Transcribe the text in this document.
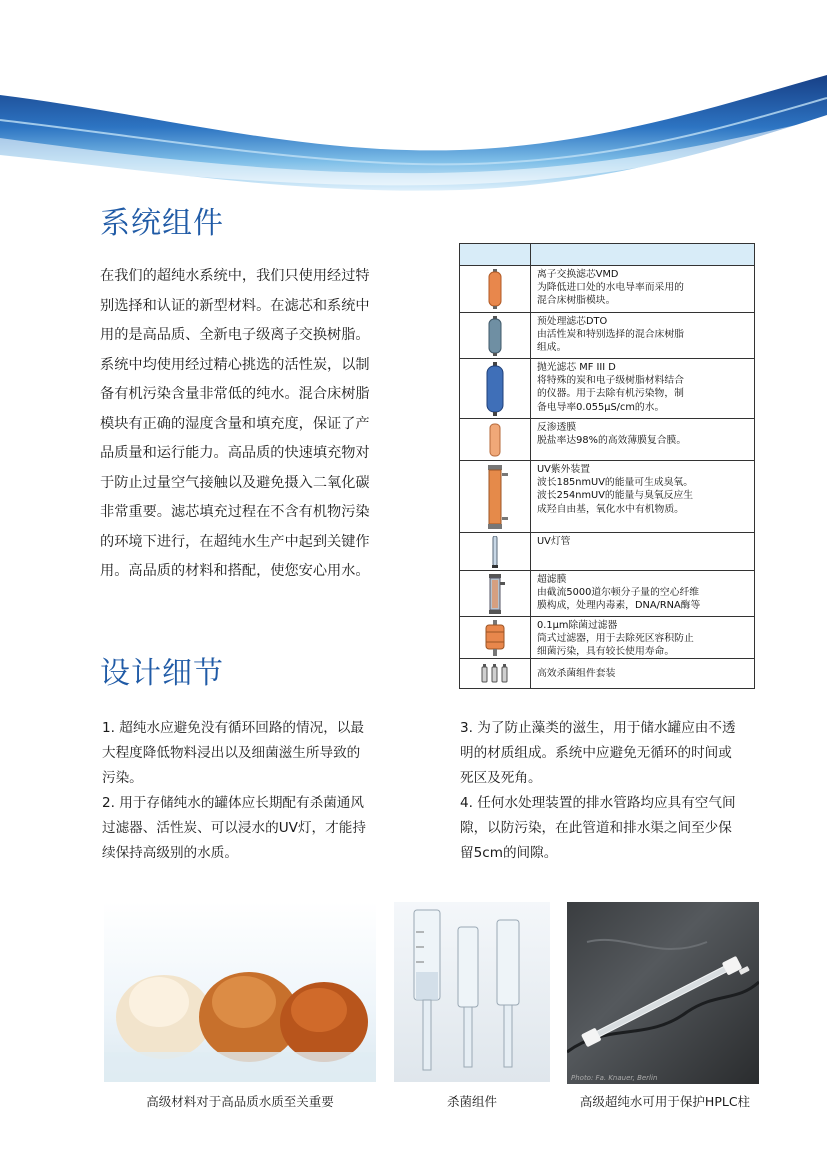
系统组件

在我们的超纯水系统中，我们只使用经过特

别选择和认证的新型材料。在滤芯和系统中

用的是高品质、全新电子级离子交换树脂。

系统中均使用经过精心挑选的活性炭，以制

备有机污染含量非常低的纯水。混合床树脂

模块有正确的湿度含量和填充度，保证了产

品质量和运行能力。高品质的快速填充物对

于防止过量空气接触以及避免摄入二氧化碳

非常重要。滤芯填充过程在不含有机物污染

的环境下进行，在超纯水生产中起到关键作

用。高品质的材料和搭配，使您安心用水。

离子交换滤芯VMD
为降低进口处的水电导率而采用的
混合床树脂模块。
预处理滤芯DTO
由活性炭和特别选择的混合床树脂
组成。
抛光滤芯 MF III D
将特殊的炭和电子级树脂材料结合
的仪器。用于去除有机污染物，制
备电导率0.055μS/cm的水。
反渗透膜
脱盐率达98%的高效薄膜复合膜。
UV紫外装置
波长185nmUV的能量可生成臭氧。
波长254nmUV的能量与臭氧反应生
成羟自由基，氧化水中有机物质。
UV灯管
超滤膜
由截流5000道尔顿分子量的空心纤维
膜构成，处理内毒素，DNA/RNA酶等
0.1μm除菌过滤器
筒式过滤器，用于去除死区容积防止
细菌污染，具有较长使用寿命。
高效杀菌组件套装
设计细节

1. 超纯水应避免没有循环回路的情况，以最

大程度降低物料浸出以及细菌滋生所导致的

污染。

2. 用于存储纯水的罐体应长期配有杀菌通风

过滤器、活性炭、可以浸水的UV灯，才能持

续保持高级别的水质。

3. 为了防止藻类的滋生，用于储水罐应由不透

明的材质组成。系统中应避免无循环的时间或

死区及死角。

4. 任何水处理装置的排水管路均应具有空气间

隙，以防污染，在此管道和排水渠之间至少保

留5cm的间隙。

高级材料对于高品质水质至关重要	杀菌组件
Photo: Fa. Knauer, Berlin
高级超纯水可用于保护HPLC柱
